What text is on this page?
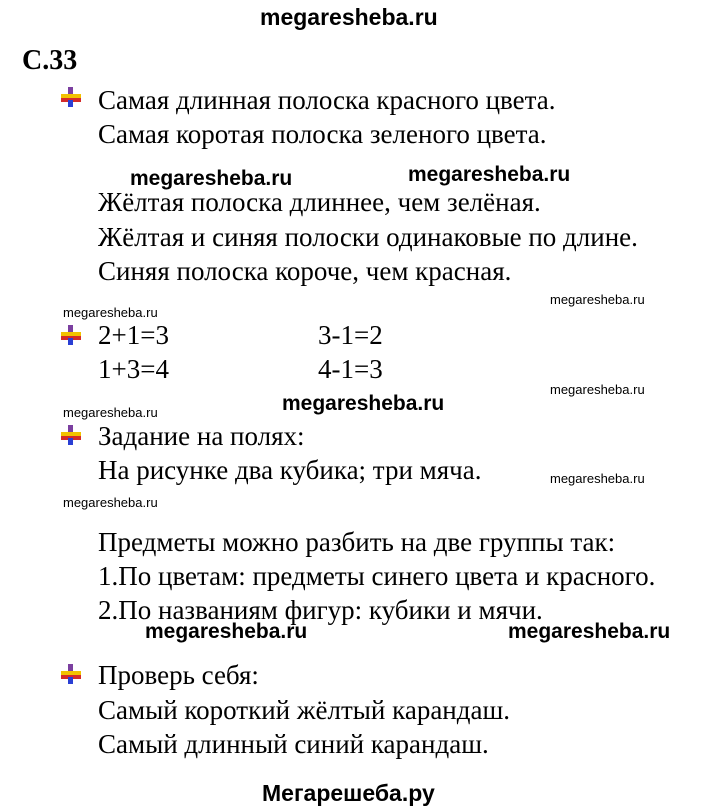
megaresheba.ru
С.33
Самая длинная полоска красного цвета.
Самая коротая полоска зеленого цвета.
megaresheba.ru	megaresheba.ru
Жёлтая полоска длиннее, чем зелёная.
Жёлтая и синяя полоски одинаковые по длине.
Синяя полоска короче, чем красная.
megaresheba.ru
megaresheba.ru
2+1=3	3-1=2
1+3=4	4-1=3
megaresheba.ru
megaresheba.ru
megaresheba.ru
Задание на полях:
На рисунке два кубика; три мяча.	megaresheba.ru
megaresheba.ru
Предметы можно разбить на две группы так:
1.По цветам: предметы синего цвета и красного.
2.По названиям фигур: кубики и мячи.
megaresheba.ru	megaresheba.ru
Проверь себя:
Самый короткий жёлтый карандаш.
Самый длинный синий карандаш.
Мегарешеба.ру
